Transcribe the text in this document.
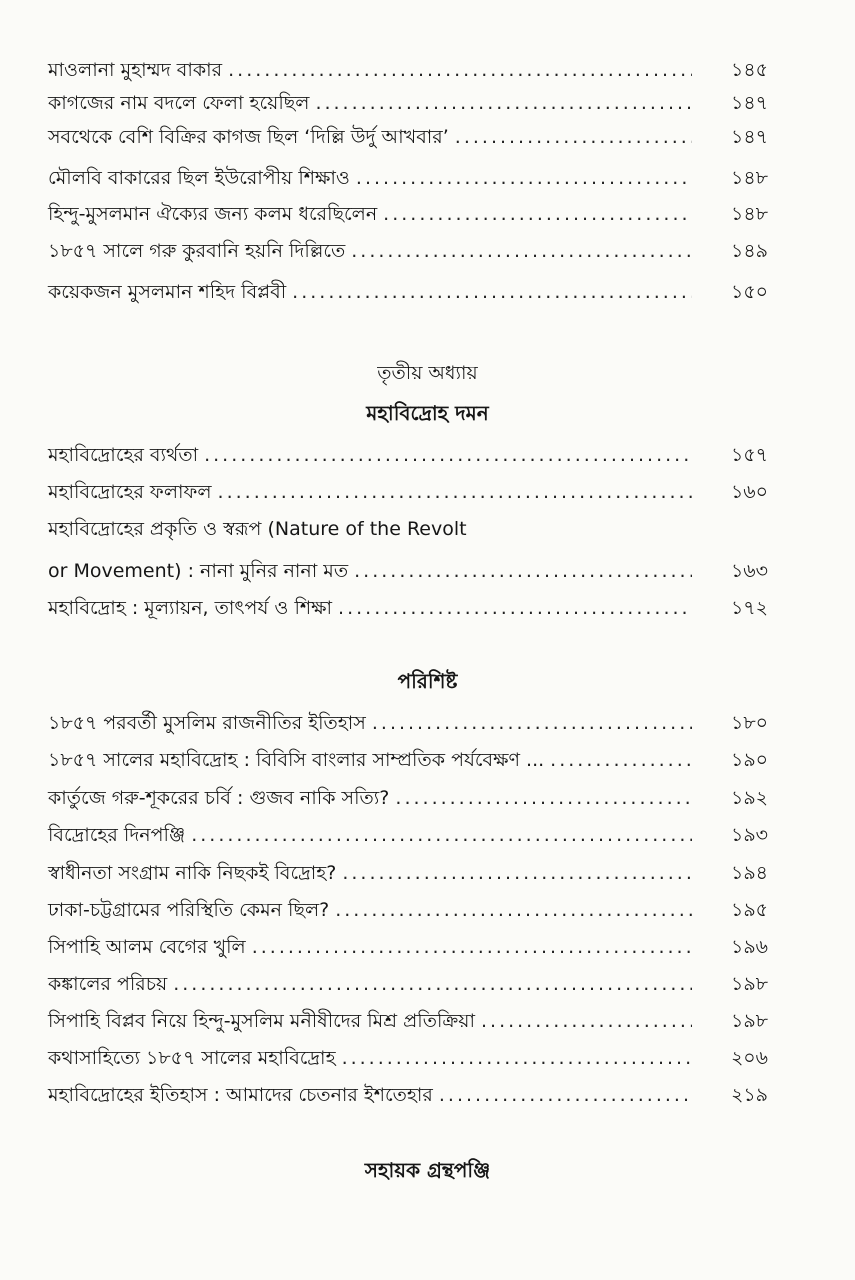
মাওলানা মুহাম্মদ বাকার .....	১৪৫
কাগজের নাম বদলে ফেলা হয়েছিল .....	১৪৭
সবথেকে বেশি বিক্রির কাগজ ছিল ‘দিল্লি উর্দু আখবার’ .....	১৪৭
মৌলবি বাকারের ছিল ইউরোপীয় শিক্ষাও .....	১৪৮
হিন্দু-মুসলমান ঐক্যের জন্য কলম ধরেছিলেন .....	১৪৮
১৮৫৭ সালে গরু কুরবানি হয়নি দিল্লিতে .....	১৪৯
কয়েকজন মুসলমান শহিদ বিপ্লবী .....	১৫০
তৃতীয় অধ্যায়
মহাবিদ্রোহ দমন
মহাবিদ্রোহের ব্যর্থতা .....	১৫৭
মহাবিদ্রোহের ফলাফল .....	১৬০
মহাবিদ্রোহের প্রকৃতি ও স্বরূপ (Nature of the Revolt
or Movement) : নানা মুনির নানা মত .....	১৬৩
মহাবিদ্রোহ : মূল্যায়ন, তাৎপর্য ও শিক্ষা .....	১৭২
পরিশিষ্ট
১৮৫৭ পরবর্তী মুসলিম রাজনীতির ইতিহাস .....	১৮০
১৮৫৭ সালের মহাবিদ্রোহ : বিবিসি বাংলার সাম্প্রতিক পর্যবেক্ষণ ... .....	১৯০
কার্তুজে গরু-শূকরের চর্বি : গুজব নাকি সত্যি? .....	১৯২
বিদ্রোহের দিনপঞ্জি .....	১৯৩
স্বাধীনতা সংগ্রাম নাকি নিছকই বিদ্রোহ? .....	১৯৪
ঢাকা-চট্টগ্রামের পরিস্থিতি কেমন ছিল? .....	১৯৫
সিপাহি আলম বেগের খুলি .....	১৯৬
কঙ্কালের পরিচয় .....	১৯৮
সিপাহি বিপ্লব নিয়ে হিন্দু-মুসলিম মনীষীদের মিশ্র প্রতিক্রিয়া .....	১৯৮
কথাসাহিত্যে ১৮৫৭ সালের মহাবিদ্রোহ .....	২০৬
মহাবিদ্রোহের ইতিহাস : আমাদের চেতনার ইশতেহার .....	২১৯
সহায়ক গ্রন্থপঞ্জি
